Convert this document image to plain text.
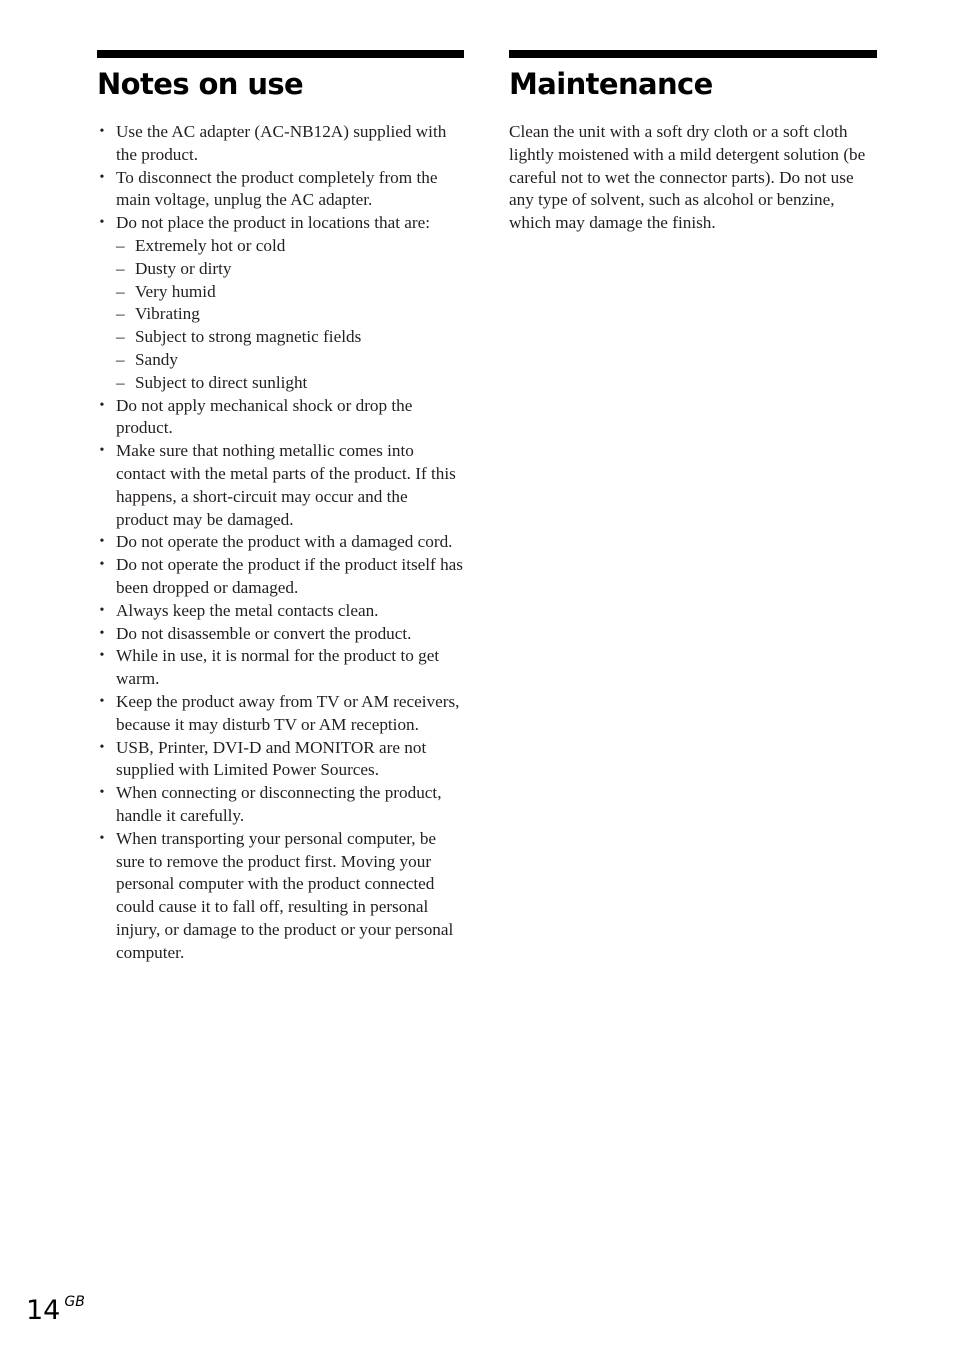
Notes on use
• Use the AC adapter (AC-NB12A) supplied with the product.
• To disconnect the product completely from the main voltage, unplug the AC adapter.
• Do not place the product in locations that are:
– Extremely hot or cold
– Dusty or dirty
– Very humid
– Vibrating
– Subject to strong magnetic fields
– Sandy
– Subject to direct sunlight
• Do not apply mechanical shock or drop the product.
• Make sure that nothing metallic comes into contact with the metal parts of the product. If this happens, a short-circuit may occur and the product may be damaged.
• Do not operate the product with a damaged cord.
• Do not operate the product if the product itself has been dropped or damaged.
• Always keep the metal contacts clean.
• Do not disassemble or convert the product.
• While in use, it is normal for the product to get warm.
• Keep the product away from TV or AM receivers, because it may disturb TV or AM reception.
• USB, Printer, DVI-D and MONITOR are not supplied with Limited Power Sources.
• When connecting or disconnecting the product, handle it carefully.
• When transporting your personal computer, be sure to remove the product first. Moving your personal computer with the product connected could cause it to fall off, resulting in personal injury, or damage to the product or your personal computer.
Maintenance

Clean the unit with a soft dry cloth or a soft cloth lightly moistened with a mild detergent solution (be careful not to wet the connector parts). Do not use any type of solvent, such as alcohol or benzine, which may damage the finish.

14 $^{GB}$
